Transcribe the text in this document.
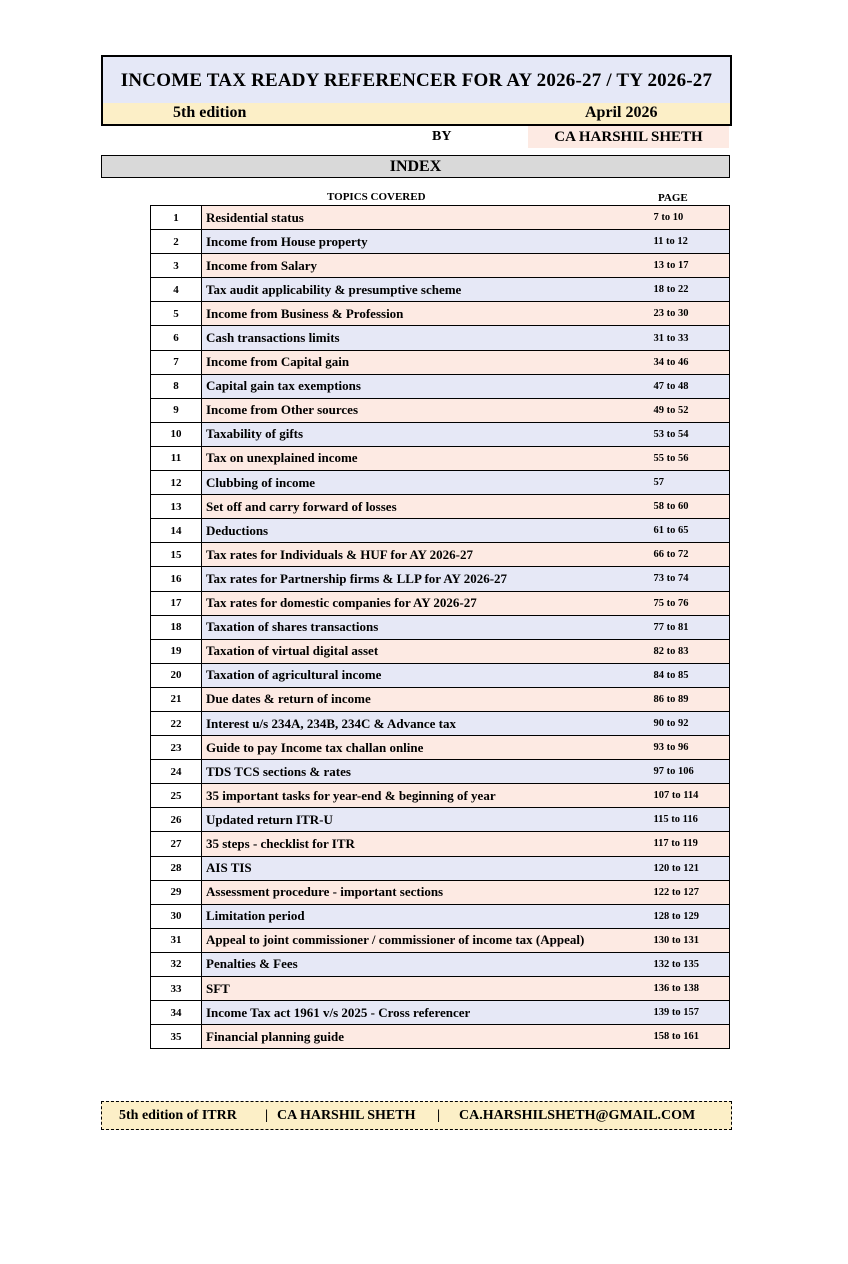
INCOME TAX READY REFERENCER FOR AY 2026-27 / TY 2026-27
5th edition	April 2026
BY	CA HARSHIL SHETH
INDEX
TOPICS COVERED	PAGE
1	Residential status	7 to 10
2	Income from House property	11 to 12
3	Income from Salary	13 to 17
4	Tax audit applicability & presumptive scheme	18 to 22
5	Income from Business & Profession	23 to 30
6	Cash transactions limits	31 to 33
7	Income from Capital gain	34 to 46
8	Capital gain tax exemptions	47 to 48
9	Income from Other sources	49 to 52
10	Taxability of gifts	53 to 54
11	Tax on unexplained income	55 to 56
12	Clubbing of income	57
13	Set off and carry forward of losses	58 to 60
14	Deductions	61 to 65
15	Tax rates for Individuals & HUF for AY 2026-27	66 to 72
16	Tax rates for Partnership firms & LLP for AY 2026-27	73 to 74
17	Tax rates for domestic companies for AY 2026-27	75 to 76
18	Taxation of shares transactions	77 to 81
19	Taxation of virtual digital asset	82 to 83
20	Taxation of agricultural income	84 to 85
21	Due dates & return of income	86 to 89
22	Interest u/s 234A, 234B, 234C & Advance tax	90 to 92
23	Guide to pay Income tax challan online	93 to 96
24	TDS TCS sections & rates	97 to 106
25	35 important tasks for year-end & beginning of year	107 to 114
26	Updated return ITR-U	115 to 116
27	35 steps - checklist for ITR	117 to 119
28	AIS TIS	120 to 121
29	Assessment procedure - important sections	122 to 127
30	Limitation period	128 to 129
31	Appeal to joint commissioner / commissioner of income tax (Appeal)	130 to 131
32	Penalties & Fees	132 to 135
33	SFT	136 to 138
34	Income Tax act 1961 v/s 2025 - Cross referencer	139 to 157
35	Financial planning guide	158 to 161

5th edition of ITRR

|

CA HARSHIL SHETH

|

CA.HARSHILSHETH@GMAIL.COM
